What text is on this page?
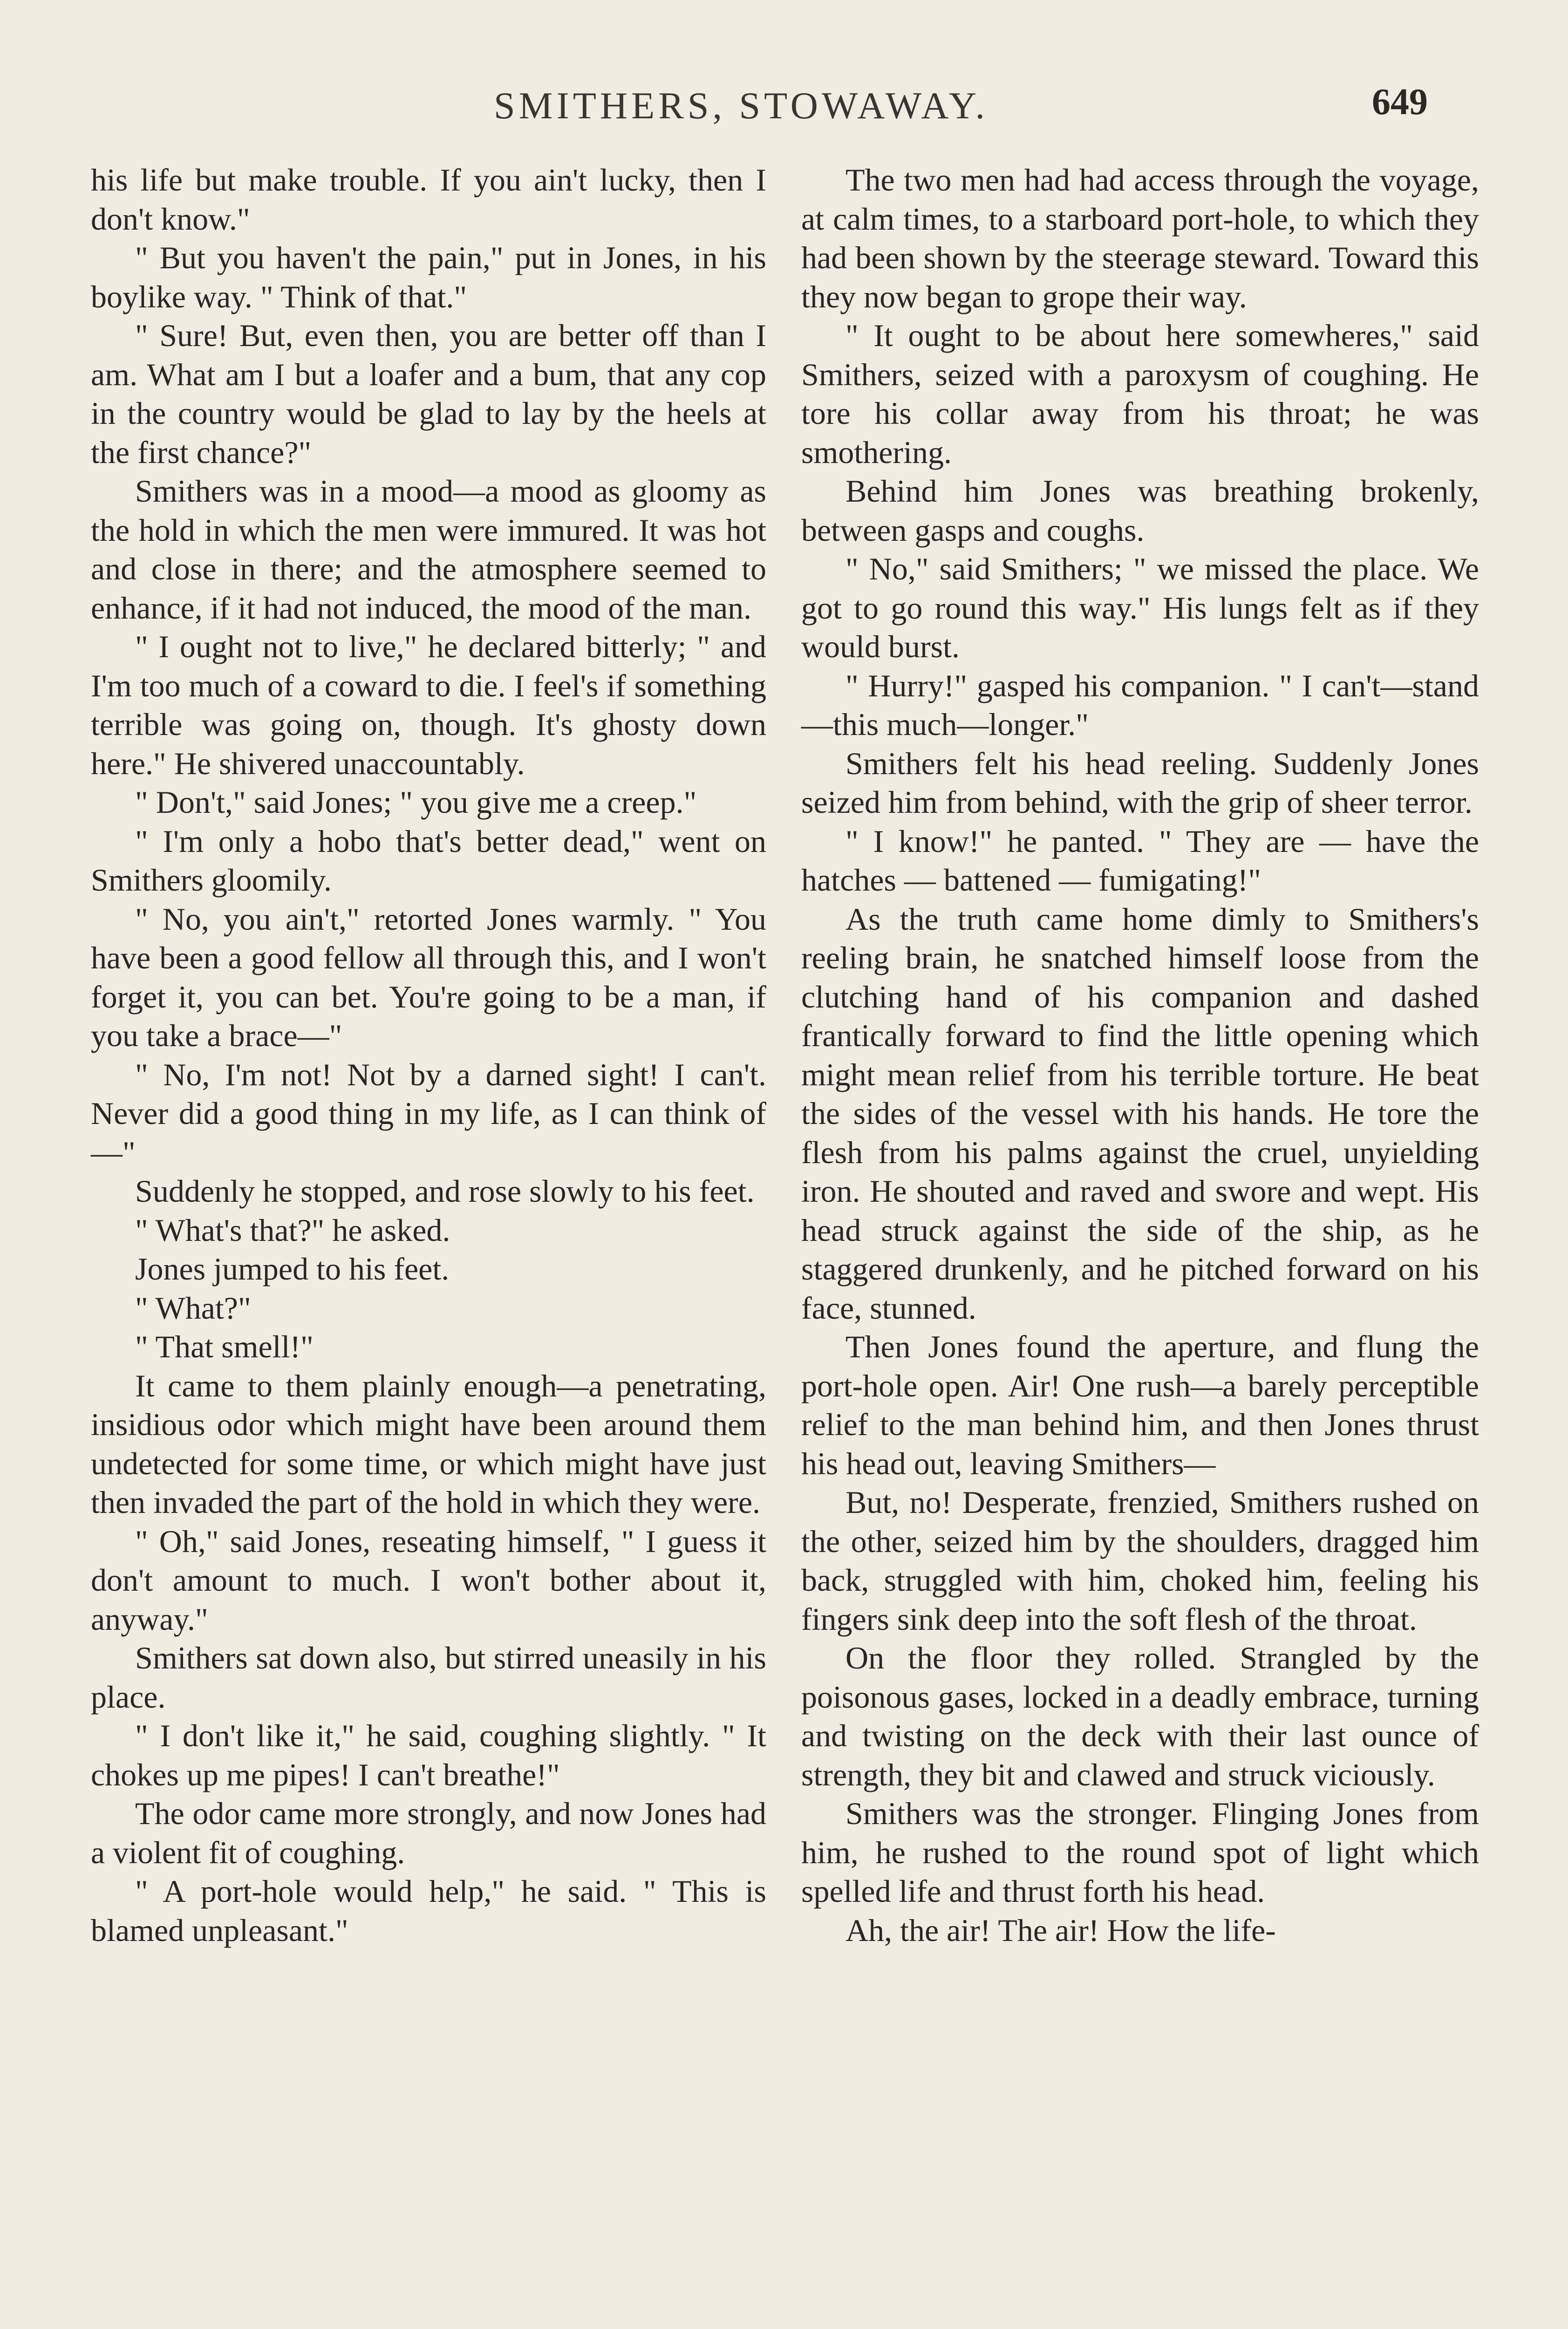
SMITHERS, STOWAWAY.	649

his life but make trouble. If you ain't lucky, then I don't know."

" But you haven't the pain," put in Jones, in his boylike way. " Think of that."

" Sure! But, even then, you are better off than I am. What am I but a loafer and a bum, that any cop in the country would be glad to lay by the heels at the first chance?"

Smithers was in a mood—a mood as gloomy as the hold in which the men were immured. It was hot and close in there; and the atmosphere seemed to enhance, if it had not induced, the mood of the man.

" I ought not to live," he declared bitterly; " and I'm too much of a coward to die. I feel's if something terrible was going on, though. It's ghosty down here." He shivered unaccountably.

" Don't," said Jones; " you give me a creep."

" I'm only a hobo that's better dead," went on Smithers gloomily.

" No, you ain't," retorted Jones warmly. " You have been a good fellow all through this, and I won't forget it, you can bet. You're going to be a man, if you take a brace—"

" No, I'm not! Not by a darned sight! I can't. Never did a good thing in my life, as I can think of—"

Suddenly he stopped, and rose slowly to his feet.

" What's that?" he asked.

Jones jumped to his feet.

" What?"

" That smell!"

It came to them plainly enough—a penetrating, insidious odor which might have been around them undetected for some time, or which might have just then invaded the part of the hold in which they were.

" Oh," said Jones, reseating himself, " I guess it don't amount to much. I won't bother about it, anyway."

Smithers sat down also, but stirred uneasily in his place.

" I don't like it," he said, coughing slightly. " It chokes up me pipes! I can't breathe!"

The odor came more strongly, and now Jones had a violent fit of coughing.

" A port-hole would help," he said. " This is blamed unpleasant."

The two men had had access through the voyage, at calm times, to a starboard port-hole, to which they had been shown by the steerage steward. Toward this they now began to grope their way.

" It ought to be about here somewheres," said Smithers, seized with a paroxysm of coughing. He tore his collar away from his throat; he was smothering.

Behind him Jones was breathing brokenly, between gasps and coughs.

" No," said Smithers; " we missed the place. We got to go round this way." His lungs felt as if they would burst.

" Hurry!" gasped his companion. " I can't—stand—this much—longer."

Smithers felt his head reeling. Suddenly Jones seized him from behind, with the grip of sheer terror.

" I know!" he panted. " They are — have the hatches — battened — fumigating!"

As the truth came home dimly to Smithers's reeling brain, he snatched himself loose from the clutching hand of his companion and dashed frantically forward to find the little opening which might mean relief from his terrible torture. He beat the sides of the vessel with his hands. He tore the flesh from his palms against the cruel, unyielding iron. He shouted and raved and swore and wept. His head struck against the side of the ship, as he staggered drunkenly, and he pitched forward on his face, stunned.

Then Jones found the aperture, and flung the port-hole open. Air! One rush—a barely perceptible relief to the man behind him, and then Jones thrust his head out, leaving Smithers—

But, no! Desperate, frenzied, Smithers rushed on the other, seized him by the shoulders, dragged him back, struggled with him, choked him, feeling his fingers sink deep into the soft flesh of the throat.

On the floor they rolled. Strangled by the poisonous gases, locked in a deadly embrace, turning and twisting on the deck with their last ounce of strength, they bit and clawed and struck viciously.

Smithers was the stronger. Flinging Jones from him, he rushed to the round spot of light which spelled life and thrust forth his head.

Ah, the air! The air! How the life-
